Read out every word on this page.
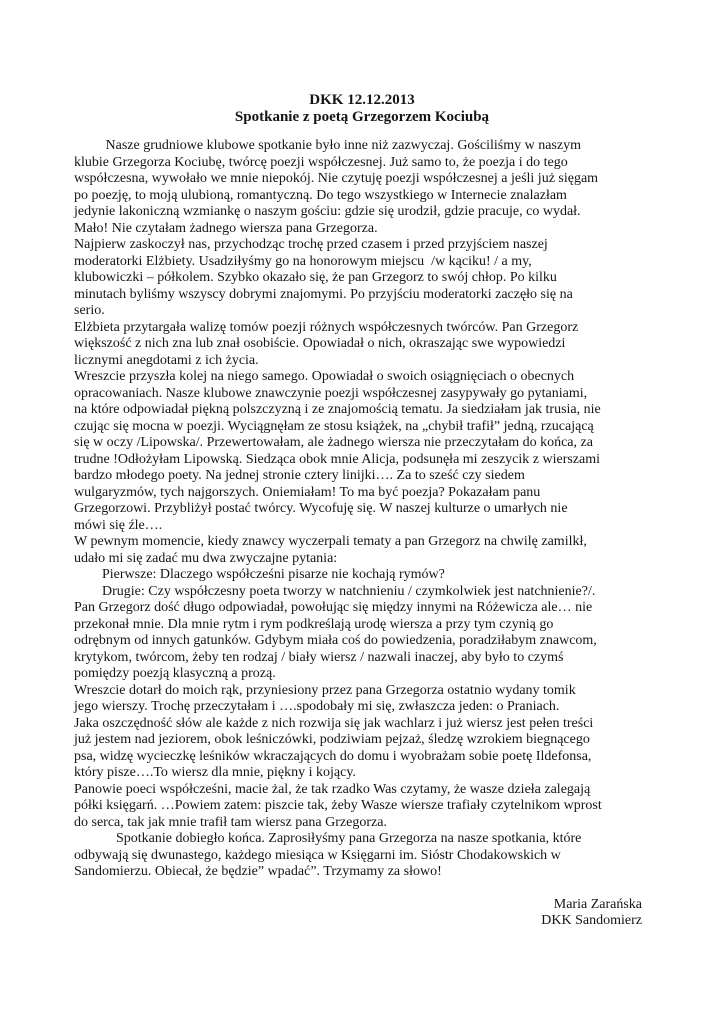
DKK 12.12.2013
Spotkanie z poetą Grzegorzem Kociubą
Nasze grudniowe klubowe spotkanie było inne niż zazwyczaj. Gościliśmy w naszym
klubie Grzegorza Kociubę, twórcę poezji współczesnej. Już samo to, że poezja i do tego
współczesna, wywołało we mnie niepokój. Nie czytuję poezji współczesnej a jeśli już sięgam
po poezję, to moją ulubioną, romantyczną. Do tego wszystkiego w Internecie znalazłam
jedynie lakoniczną wzmiankę o naszym gościu: gdzie się urodził, gdzie pracuje, co wydał.
Mało! Nie czytałam żadnego wiersza pana Grzegorza.
Najpierw zaskoczył nas, przychodząc trochę przed czasem i przed przyjściem naszej
moderatorki Elżbiety. Usadziłyśmy go na honorowym miejscu  /w kąciku! / a my,
klubowiczki – półkolem. Szybko okazało się, że pan Grzegorz to swój chłop. Po kilku
minutach byliśmy wszyscy dobrymi znajomymi. Po przyjściu moderatorki zaczęło się na
serio.
Elżbieta przytargała walizę tomów poezji różnych współczesnych twórców. Pan Grzegorz
większość z nich zna lub znał osobiście. Opowiadał o nich, okraszając swe wypowiedzi
licznymi anegdotami z ich życia.
Wreszcie przyszła kolej na niego samego. Opowiadał o swoich osiągnięciach o obecnych
opracowaniach. Nasze klubowe znawczynie poezji współczesnej zasypywały go pytaniami,
na które odpowiadał piękną polszczyzną i ze znajomością tematu. Ja siedziałam jak trusia, nie
czując się mocna w poezji. Wyciągnęłam ze stosu książek, na „chybił trafił” jedną, rzucającą
się w oczy /Lipowska/. Przewertowałam, ale żadnego wiersza nie przeczytałam do końca, za
trudne !Odłożyłam Lipowską. Siedząca obok mnie Alicja, podsunęła mi zeszycik z wierszami
bardzo młodego poety. Na jednej stronie cztery linijki…. Za to sześć czy siedem
wulgaryzmów, tych najgorszych. Oniemiałam! To ma być poezja? Pokazałam panu
Grzegorzowi. Przybliżył postać twórcy. Wycofuję się. W naszej kulturze o umarłych nie
mówi się źle….
W pewnym momencie, kiedy znawcy wyczerpali tematy a pan Grzegorz na chwilę zamilkł,
udało mi się zadać mu dwa zwyczajne pytania:
Pierwsze: Dlaczego współcześni pisarze nie kochają rymów?
Drugie: Czy współczesny poeta tworzy w natchnieniu / czymkolwiek jest natchnienie?/.
Pan Grzegorz dość długo odpowiadał, powołując się między innymi na Różewicza ale… nie
przekonał mnie. Dla mnie rytm i rym podkreślają urodę wiersza a przy tym czynią go
odrębnym od innych gatunków. Gdybym miała coś do powiedzenia, poradziłabym znawcom,
krytykom, twórcom, żeby ten rodzaj / biały wiersz / nazwali inaczej, aby było to czymś
pomiędzy poezją klasyczną a prozą.
Wreszcie dotarł do moich rąk, przyniesiony przez pana Grzegorza ostatnio wydany tomik
jego wierszy. Trochę przeczytałam i ….spodobały mi się, zwłaszcza jeden: o Praniach.
Jaka oszczędność słów ale każde z nich rozwija się jak wachlarz i już wiersz jest pełen treści
już jestem nad jeziorem, obok leśniczówki, podziwiam pejzaż, śledzę wzrokiem biegnącego
psa, widzę wycieczkę leśników wkraczających do domu i wyobrażam sobie poetę Ildefonsa,
który pisze….To wiersz dla mnie, piękny i kojący.
Panowie poeci współcześni, macie żal, że tak rzadko Was czytamy, że wasze dzieła zalegają
półki księgarń. …Powiem zatem: piszcie tak, żeby Wasze wiersze trafiały czytelnikom wprost
do serca, tak jak mnie trafił tam wiersz pana Grzegorza.
Spotkanie dobiegło końca. Zaprosiłyśmy pana Grzegorza na nasze spotkania, które
odbywają się dwunastego, każdego miesiąca w Księgarni im. Sióstr Chodakowskich w
Sandomierzu. Obiecał, że będzie” wpadać”. Trzymamy za słowo!
Maria Zarańska
DKK Sandomierz
